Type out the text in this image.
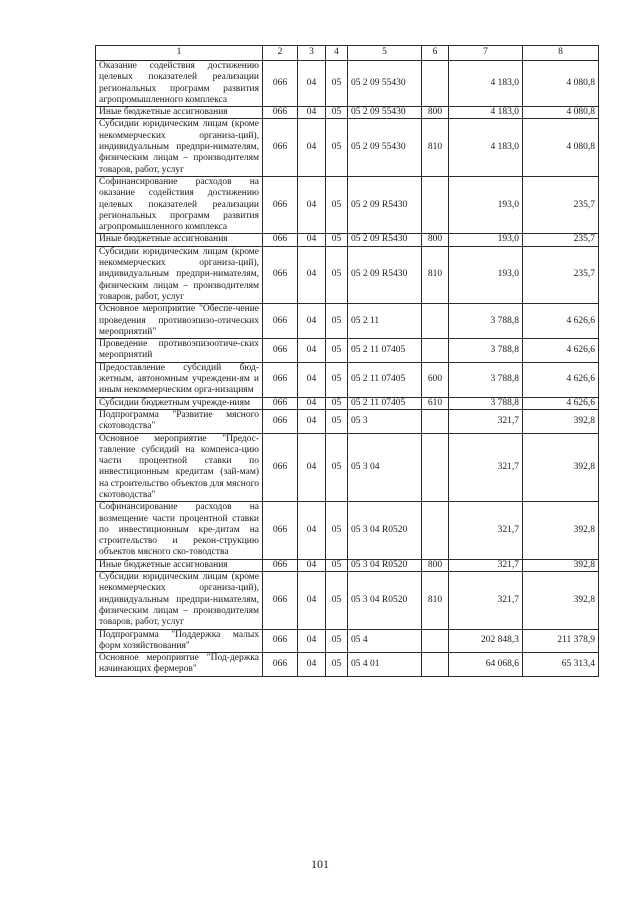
1	2	3	4	5	6	7	8
Оказание содействия достижению целевых показателей реализации региональных программ развития агропромышленного комплекса	066	04	05	05 2 09 55430		4 183,0	4 080,8
Иные бюджетные ассигнования	066	04	05	05 2 09 55430	800	4 183,0	4 080,8
Субсидии юридическим лицам (кроме некоммерческих организа-ций), индивидуальным предпри-нимателям, физическим лицам – производителям товаров, работ, услуг	066	04	05	05 2 09 55430	810	4 183,0	4 080,8
Софинансирование расходов на оказание содействия достижению целевых показателей реализации региональных программ развития агропромышленного комплекса	066	04	05	05 2 09 R5430		193,0	235,7
Иные бюджетные ассигнования	066	04	05	05 2 09 R5430	800	193,0	235,7
Субсидии юридическим лицам (кроме некоммерческих организа-ций), индивидуальным предпри-нимателям, физическим лицам – производителям товаров, работ, услуг	066	04	05	05 2 09 R5430	810	193,0	235,7
Основное мероприятие "Обеспе-чение проведения противоэпизо-отических мероприятий"	066	04	05	05 2 11		3 788,8	4 626,6
Проведение противоэпизоотиче-ских мероприятий	066	04	05	05 2 11 07405		3 788,8	4 626,6
Предоставление субсидий бюд-жетным, автономным учреждени-ям и иным некоммерческим орга-низациям	066	04	05	05 2 11 07405	600	3 788,8	4 626,6
Субсидии бюджетным учрежде-ниям	066	04	05	05 2 11 07405	610	3 788,8	4 626,6
Подпрограмма "Развитие мясного скотоводства"	066	04	05	05 3		321,7	392,8
Основное мероприятие "Предос-тавление субсидий на компенса-цию части процентной ставки по инвестиционным кредитам (зай-мам) на строительство объектов для мясного скотоводства"	066	04	05	05 3 04		321,7	392,8
Софинансирование расходов на возмещение части процентной ставки по инвестиционным кре-дитам на строительство и рекон-струкцию объектов мясного ско-товодства	066	04	05	05 3 04 R0520		321,7	392,8
Иные бюджетные ассигнования	066	04	05	05 3 04 R0520	800	321,7	392,8
Субсидии юридическим лицам (кроме некоммерческих организа-ций), индивидуальным предпри-нимателям, физическим лицам – производителям товаров, работ, услуг	066	04	05	05 3 04 R0520	810	321,7	392,8
Подпрограмма "Поддержка малых форм хозяйствования"	066	04	05	05 4		202 848,3	211 378,9
Основное мероприятие "Под-держка начинающих фермеров"	066	04	05	05 4 01		64 068,6	65 313,4
101
